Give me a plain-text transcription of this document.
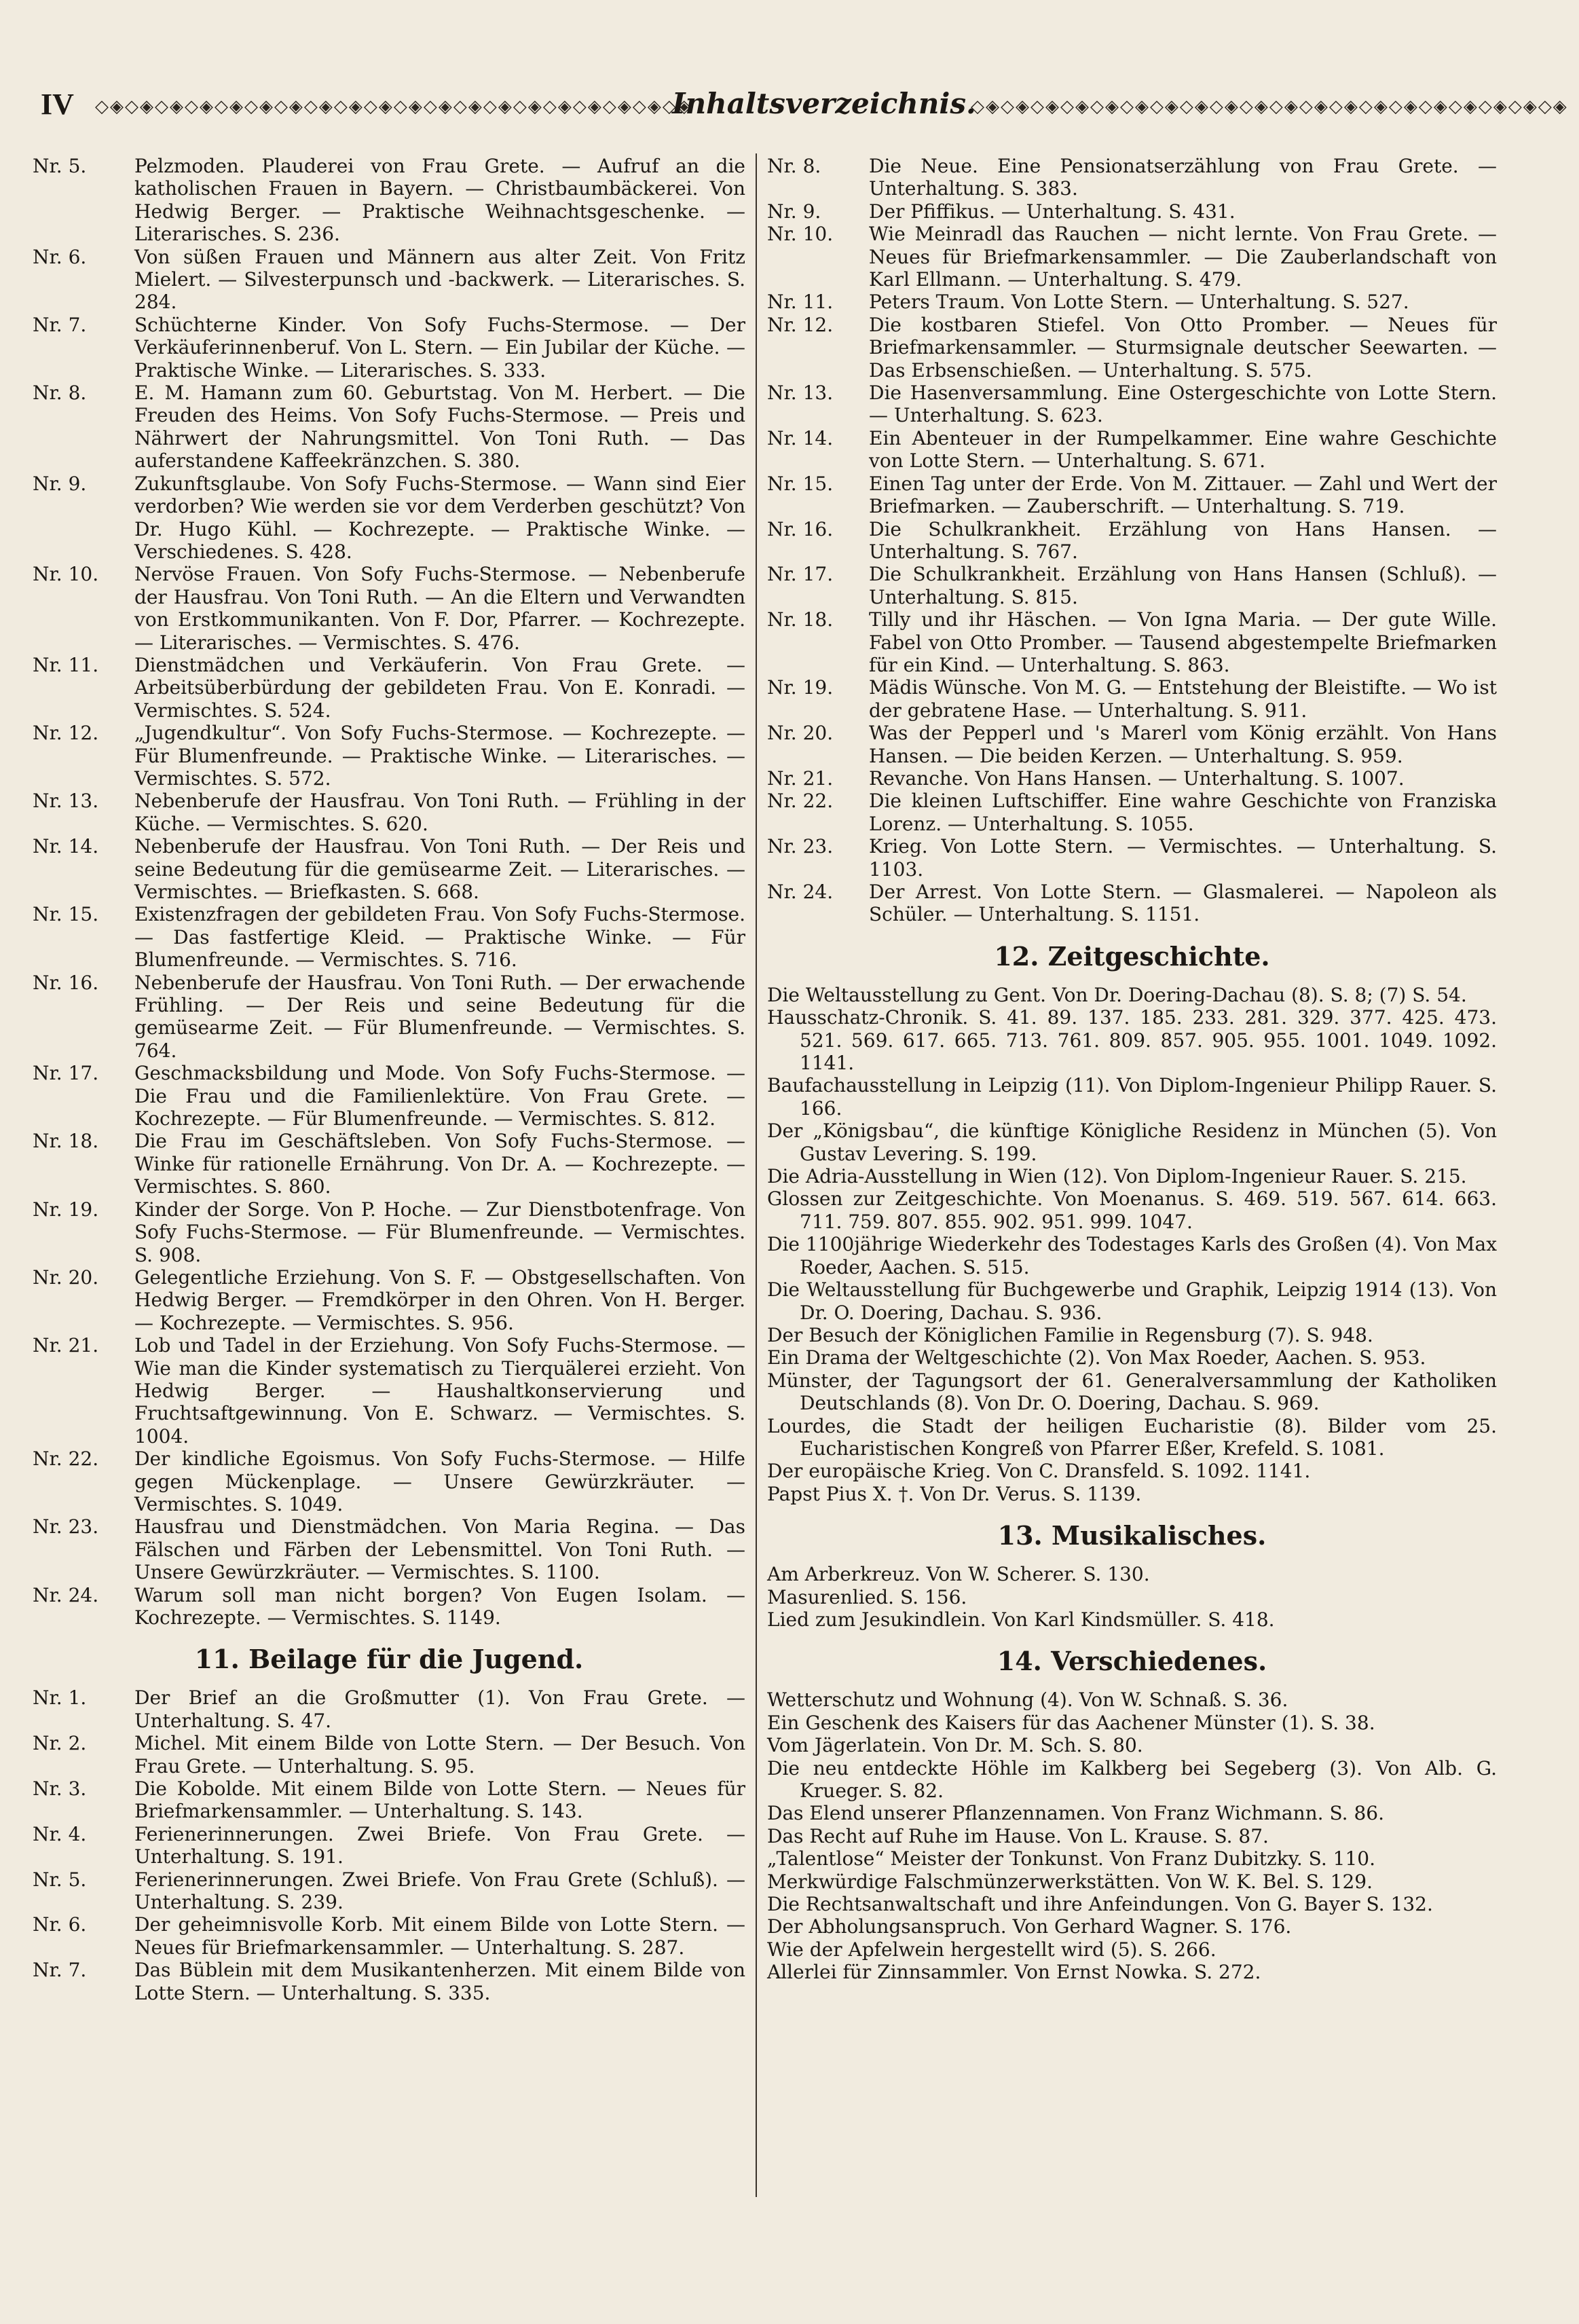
IV ◇◈◇◈◇◈◇◈◇◈◇◈◇◈◇◈◇◈◇◈◇◈◇◈◇◈◇◈◇◈◇◈◇◈◇◈◇◈◇◈
Inhaltsverzeichnis.
◇◈◇◈◇◈◇◈◇◈◇◈◇◈◇◈◇◈◇◈◇◈◇◈◇◈◇◈◇◈◇◈◇◈◇◈◇◈◇◈
Nr. 5.	Pelzmoden. Plauderei von Frau Grete. — Aufruf an die katholischen Frauen in Bayern. — Christbaumbäckerei. Von Hedwig Berger. — Praktische Weihnachtsgeschenke. — Literarisches. S. 236.
Nr. 6.	Von süßen Frauen und Männern aus alter Zeit. Von Fritz Mielert. — Silvesterpunsch und -backwerk. — Literarisches. S. 284.
Nr. 7.	Schüchterne Kinder. Von Sofy Fuchs-Stermose. — Der Verkäuferinnenberuf. Von L. Stern. — Ein Jubilar der Küche. — Praktische Winke. — Literarisches. S. 333.
Nr. 8.	E. M. Hamann zum 60. Geburtstag. Von M. Herbert. — Die Freuden des Heims. Von Sofy Fuchs-Stermose. — Preis und Nährwert der Nahrungsmittel. Von Toni Ruth. — Das auferstandene Kaffeekränzchen. S. 380.
Nr. 9.	Zukunftsglaube. Von Sofy Fuchs-Stermose. — Wann sind Eier verdorben? Wie werden sie vor dem Verderben geschützt? Von Dr. Hugo Kühl. — Kochrezepte. — Praktische Winke. — Verschiedenes. S. 428.
Nr. 10.	Nervöse Frauen. Von Sofy Fuchs-Stermose. — Nebenberufe der Hausfrau. Von Toni Ruth. — An die Eltern und Verwandten von Erstkommunikanten. Von F. Dor, Pfarrer. — Kochrezepte. — Literarisches. — Vermischtes. S. 476.
Nr. 11.	Dienstmädchen und Verkäuferin. Von Frau Grete. — Arbeitsüberbürdung der gebildeten Frau. Von E. Konradi. — Vermischtes. S. 524.
Nr. 12.	„Jugendkultur“. Von Sofy Fuchs-Stermose. — Kochrezepte. — Für Blumenfreunde. — Praktische Winke. — Literarisches. — Vermischtes. S. 572.
Nr. 13.	Nebenberufe der Hausfrau. Von Toni Ruth. — Frühling in der Küche. — Vermischtes. S. 620.
Nr. 14.	Nebenberufe der Hausfrau. Von Toni Ruth. — Der Reis und seine Bedeutung für die gemüsearme Zeit. — Literarisches. — Vermischtes. — Briefkasten. S. 668.
Nr. 15.	Existenzfragen der gebildeten Frau. Von Sofy Fuchs-Stermose. — Das fastfertige Kleid. — Praktische Winke. — Für Blumenfreunde. — Vermischtes. S. 716.
Nr. 16.	Nebenberufe der Hausfrau. Von Toni Ruth. — Der erwachende Frühling. — Der Reis und seine Bedeutung für die gemüsearme Zeit. — Für Blumenfreunde. — Vermischtes. S. 764.
Nr. 17.	Geschmacksbildung und Mode. Von Sofy Fuchs-Stermose. — Die Frau und die Familienlektüre. Von Frau Grete. — Kochrezepte. — Für Blumenfreunde. — Vermischtes. S. 812.
Nr. 18.	Die Frau im Geschäftsleben. Von Sofy Fuchs-Stermose. — Winke für rationelle Ernährung. Von Dr. A. — Kochrezepte. — Vermischtes. S. 860.
Nr. 19.	Kinder der Sorge. Von P. Hoche. — Zur Dienstbotenfrage. Von Sofy Fuchs-Stermose. — Für Blumenfreunde. — Vermischtes. S. 908.
Nr. 20.	Gelegentliche Erziehung. Von S. F. — Obstgesellschaften. Von Hedwig Berger. — Fremdkörper in den Ohren. Von H. Berger. — Kochrezepte. — Vermischtes. S. 956.
Nr. 21.	Lob und Tadel in der Erziehung. Von Sofy Fuchs-Stermose. — Wie man die Kinder systematisch zu Tierquälerei erzieht. Von Hedwig Berger. — Haushaltkonservierung und Fruchtsaftgewinnung. Von E. Schwarz. — Vermischtes. S. 1004.
Nr. 22.	Der kindliche Egoismus. Von Sofy Fuchs-Stermose. — Hilfe gegen Mückenplage. — Unsere Gewürzkräuter. — Vermischtes. S. 1049.
Nr. 23.	Hausfrau und Dienstmädchen. Von Maria Regina. — Das Fälschen und Färben der Lebensmittel. Von Toni Ruth. — Unsere Gewürzkräuter. — Vermischtes. S. 1100.
Nr. 24.	Warum soll man nicht borgen? Von Eugen Isolam. — Kochrezepte. — Vermischtes. S. 1149.
11. Beilage für die Jugend.
Nr. 1.	Der Brief an die Großmutter (1). Von Frau Grete. — Unterhaltung. S. 47.
Nr. 2.	Michel. Mit einem Bilde von Lotte Stern. — Der Besuch. Von Frau Grete. — Unterhaltung. S. 95.
Nr. 3.	Die Kobolde. Mit einem Bilde von Lotte Stern. — Neues für Briefmarkensammler. — Unterhaltung. S. 143.
Nr. 4.	Ferienerinnerungen. Zwei Briefe. Von Frau Grete. — Unterhaltung. S. 191.
Nr. 5.	Ferienerinnerungen. Zwei Briefe. Von Frau Grete (Schluß). — Unterhaltung. S. 239.
Nr. 6.	Der geheimnisvolle Korb. Mit einem Bilde von Lotte Stern. — Neues für Briefmarkensammler. — Unterhaltung. S. 287.
Nr. 7.	Das Büblein mit dem Musikantenherzen. Mit einem Bilde von Lotte Stern. — Unterhaltung. S. 335.
Nr. 8.	Die Neue. Eine Pensionatserzählung von Frau Grete. — Unterhaltung. S. 383.
Nr. 9.	Der Pfiffikus. — Unterhaltung. S. 431.
Nr. 10.	Wie Meinradl das Rauchen — nicht lernte. Von Frau Grete. — Neues für Briefmarkensammler. — Die Zauberlandschaft von Karl Ellmann. — Unterhaltung. S. 479.
Nr. 11.	Peters Traum. Von Lotte Stern. — Unterhaltung. S. 527.
Nr. 12.	Die kostbaren Stiefel. Von Otto Promber. — Neues für Briefmarkensammler. — Sturmsignale deutscher Seewarten. — Das Erbsenschießen. — Unterhaltung. S. 575.
Nr. 13.	Die Hasenversammlung. Eine Ostergeschichte von Lotte Stern. — Unterhaltung. S. 623.
Nr. 14.	Ein Abenteuer in der Rumpelkammer. Eine wahre Geschichte von Lotte Stern. — Unterhaltung. S. 671.
Nr. 15.	Einen Tag unter der Erde. Von M. Zittauer. — Zahl und Wert der Briefmarken. — Zauberschrift. — Unterhaltung. S. 719.
Nr. 16.	Die Schulkrankheit. Erzählung von Hans Hansen. — Unterhaltung. S. 767.
Nr. 17.	Die Schulkrankheit. Erzählung von Hans Hansen (Schluß). — Unterhaltung. S. 815.
Nr. 18.	Tilly und ihr Häschen. — Von Igna Maria. — Der gute Wille. Fabel von Otto Promber. — Tausend abgestempelte Briefmarken für ein Kind. — Unterhaltung. S. 863.
Nr. 19.	Mädis Wünsche. Von M. G. — Entstehung der Bleistifte. — Wo ist der gebratene Hase. — Unterhaltung. S. 911.
Nr. 20.	Was der Pepperl und 's Marerl vom König erzählt. Von Hans Hansen. — Die beiden Kerzen. — Unterhaltung. S. 959.
Nr. 21.	Revanche. Von Hans Hansen. — Unterhaltung. S. 1007.
Nr. 22.	Die kleinen Luftschiffer. Eine wahre Geschichte von Franziska Lorenz. — Unterhaltung. S. 1055.
Nr. 23.	Krieg. Von Lotte Stern. — Vermischtes. — Unterhaltung. S. 1103.
Nr. 24.	Der Arrest. Von Lotte Stern. — Glasmalerei. — Napoleon als Schüler. — Unterhaltung. S. 1151.
12. Zeitgeschichte.
Die Weltausstellung zu Gent. Von Dr. Doering-Dachau (8). S. 8; (7) S. 54.
Hausschatz-Chronik. S. 41. 89. 137. 185. 233. 281. 329. 377. 425. 473. 521. 569. 617. 665. 713. 761. 809. 857. 905. 955. 1001. 1049. 1092. 1141.
Baufachausstellung in Leipzig (11). Von Diplom-Ingenieur Philipp Rauer. S. 166.
Der „Königsbau“, die künftige Königliche Residenz in München (5). Von Gustav Levering. S. 199.
Die Adria-Ausstellung in Wien (12). Von Diplom-Ingenieur Rauer. S. 215.
Glossen zur Zeitgeschichte. Von Moenanus. S. 469. 519. 567. 614. 663. 711. 759. 807. 855. 902. 951. 999. 1047.
Die 1100jährige Wiederkehr des Todestages Karls des Großen (4). Von Max Roeder, Aachen. S. 515.
Die Weltausstellung für Buchgewerbe und Graphik, Leipzig 1914 (13). Von Dr. O. Doering, Dachau. S. 936.
Der Besuch der Königlichen Familie in Regensburg (7). S. 948.
Ein Drama der Weltgeschichte (2). Von Max Roeder, Aachen. S. 953.
Münster, der Tagungsort der 61. Generalversammlung der Katholiken Deutschlands (8). Von Dr. O. Doering, Dachau. S. 969.
Lourdes, die Stadt der heiligen Eucharistie (8). Bilder vom 25. Eucharistischen Kongreß von Pfarrer Eßer, Krefeld. S. 1081.
Der europäische Krieg. Von C. Dransfeld. S. 1092. 1141.
Papst Pius X. †. Von Dr. Verus. S. 1139.
13. Musikalisches.
Am Arberkreuz. Von W. Scherer. S. 130.
Masurenlied. S. 156.
Lied zum Jesukindlein. Von Karl Kindsmüller. S. 418.
14. Verschiedenes.
Wetterschutz und Wohnung (4). Von W. Schnaß. S. 36.
Ein Geschenk des Kaisers für das Aachener Münster (1). S. 38.
Vom Jägerlatein. Von Dr. M. Sch. S. 80.
Die neu entdeckte Höhle im Kalkberg bei Segeberg (3). Von Alb. G. Krueger. S. 82.
Das Elend unserer Pflanzennamen. Von Franz Wichmann. S. 86.
Das Recht auf Ruhe im Hause. Von L. Krause. S. 87.
„Talentlose“ Meister der Tonkunst. Von Franz Dubitzky. S. 110.
Merkwürdige Falschmünzerwerkstätten. Von W. K. Bel. S. 129.
Die Rechtsanwaltschaft und ihre Anfeindungen. Von G. Bayer S. 132.
Der Abholungsanspruch. Von Gerhard Wagner. S. 176.
Wie der Apfelwein hergestellt wird (5). S. 266.
Allerlei für Zinnsammler. Von Ernst Nowka. S. 272.
